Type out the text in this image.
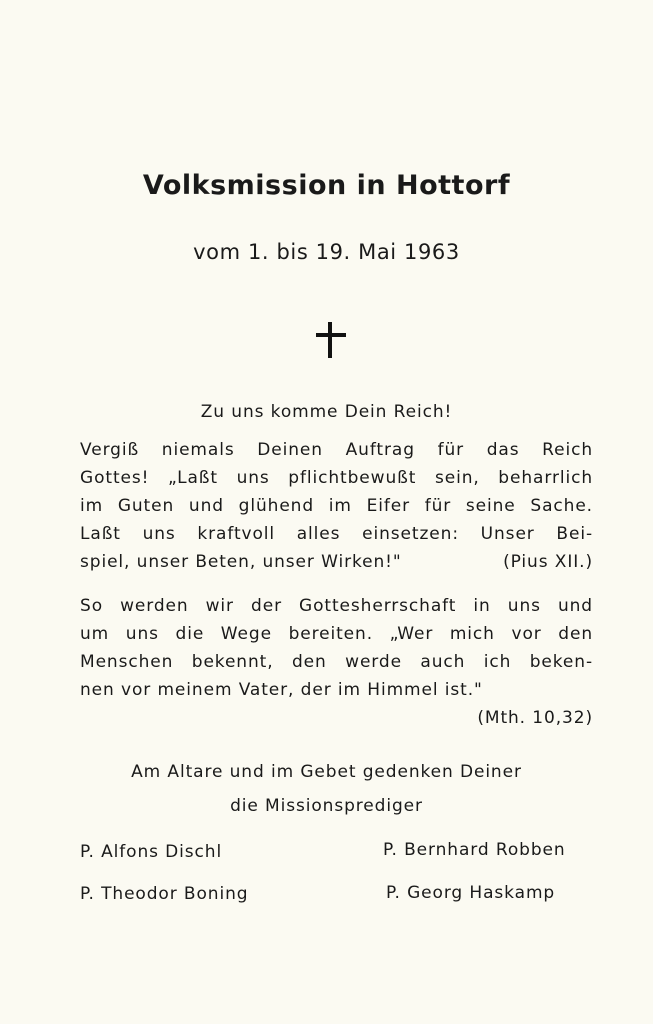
Volksmission in Hottorf
vom 1. bis 19. Mai 1963
Zu uns komme Dein Reich!
Vergiß niemals Deinen Auftrag für das Reich
Gottes! „Laßt uns pflichtbewußt sein, beharrlich
im Guten und glühend im Eifer für seine Sache.
Laßt uns kraftvoll alles einsetzen: Unser Bei-
spiel, unser Beten, unser Wirken!"	(Pius XII.)
So werden wir der Gottesherrschaft in uns und
um uns die Wege bereiten. „Wer mich vor den
Menschen bekennt, den werde auch ich beken-
nen vor meinem Vater, der im Himmel ist."
(Mth. 10,32)
Am Altare und im Gebet gedenken Deiner
die Missionsprediger
P. Alfons Dischl	P. Bernhard Robben
P. Theodor Boning	P. Georg Haskamp
